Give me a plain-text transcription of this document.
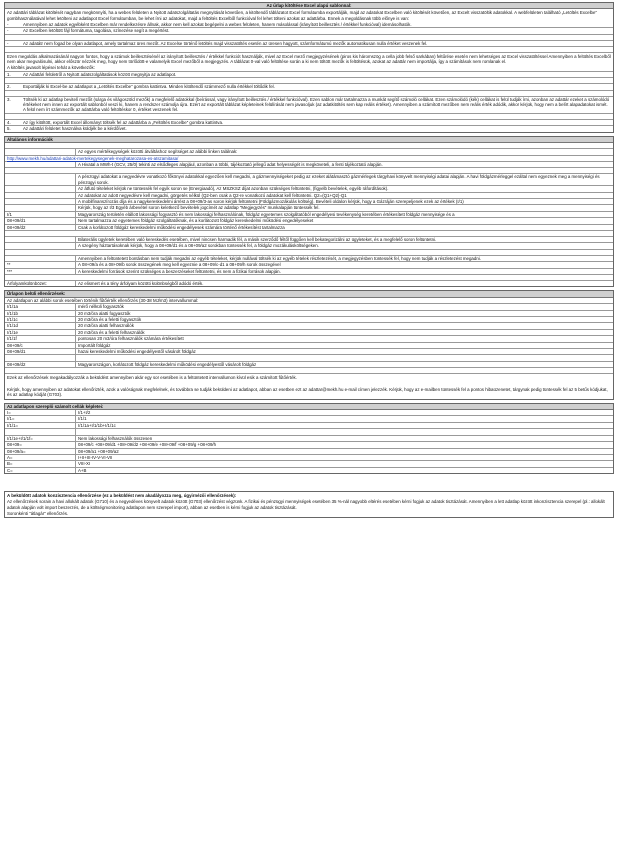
Az űrlap kitöltése Excel alapú sablonnal:
Az adattári táblázat kitöltését nagyban megkönnyíti, ha a webes felületen a Nyitott adatszolgáltatás megnyitását követően, a kitöltendő táblázatot Excel formátumba exportálják, majd az adatokat Excelben való kitöltését követően, az Excelt visszatöltik adatokkal. A webfelületen található „Letöltés Excelbe” gombhasználatával lehet letölteni az adatlapot Excel formátumban, be lehet írni az adatokat, majd a feltöltés Excelből funkcióval fel lehet tölteni azokat az adattárba. Ennek a megoldásnak több előnye is van:
-	Amennyiben az adatok egyébként Excelben már rendelkezésre állnak, akkor nem kell azokat begépelni a webes felületen, hanem másolással (irányított beillesztés / értékkel funkcióval) idemásolhatók.
-	Az Excelben letöltött fájl formátuma, tagolása, színezése segít a megértést.
-	Az adatátr nem fogad be olyan adatlapot, amely tartalmaz üres mezőt. Az Excelse történő letöltés majd visszatöltés esetén az üresen hagyott, számformátumú mezők automatikusan nulla értéket veszenek fel.
Ezen megoldás alkalmazásánál nagyon fontos, hogy a számok beillesztésénél az irányított beillesztés / értékkel funkciót használják, mivel az Excel mező megjegyzésének (piros kis háromszög a cella jobb felső sarkában) feltűrése esetén nem lehetséges az Excel visszatöltéssel Amennyiben a feltöltés Excelből nem akar megvalósulni, akkor először nézzék meg, hogy nem törlődött-e valamelyik Excel mezőből a megjegyzés. A táblázat 0-val való feltöltése során a ki nem töltött mezők is feltöltésük, azokat az adattár nem importálja, így a számítások nem romlanak el.
A kitöltés javasolt lépései tehát a következők:
1.	Az Adattári felületről a Nyitott adatszolgáltatások között megnyitja az adatlapot.
2.	Exportálják ki Excel-be az adatlapot a „Letöltés Excelbe” gombra kattintva. Minden kitöltendő számmező nulla értékkel töltődik fel.
3.	Töltsék ki az adatlap bevitelí mezőit (sárga és világoszöld mezők) a megfelelő adatokkal (beírással, vagy irányított beillesztés / értékkel funkcióval). Ezen sablon már tartalmazza a munkát segítő számoló cellákat. Ezen számolódó (kék) cellákat is felül tudják írni, azonban az adattár ezeket a számolódó értékeket nem innen az exportált sablonból veszi ki, hanem a rendszer számolja újra. Ezért az exportált táblázat képleteinek felülírását nem javasoljuk (az adatkitöltés sem kap reális értéket). Amennyiben a számított mezőben nem reális érték adódik, akkor kérjük, hogy nem a belírt alapadatokat ismét. A felül nem írt számmezők az adattárba való feltöltéskor 0, értéket veszenek fel.
4.	Az így kitöltött, exportált Excel állományt töltsék fel az adattárba a „Feltöltés Excelbe” gombra kattintva.
5.	Az adattári felületet használva küldjék be a kérdőívet.
Általános információk
Az egyes mértékegységek közötti átváltáshoz segítséget az alábbi linken találnak:
http://www.mekh.hu/adattari-adatok-mertekegysegenek-meghatarozasa-es-atszamitasa/
A Hivatal a MWh-t (GCV, 25/0) tekinti az elsődleges alapjául, azonban a többi, tájékoztató jellegű adat helyességét is megköveteli, a fenti tájékoztató alapján.
A pénzügyi adatokat a negyedévre vonatkozó főkönyvi adatokkal egyezően kell megadni, a gázmennyiségeket pedig az ezeket alátámasztó gázmérlegek tárgyhavi könyvelt mennyiségi adatai alapján. A havi földgázmérleggel ezáltal nem egyeznek meg a mennyiségi és pénzügyi sorok.
Az átfutó tételeket kérjük ne tüntessék fel egyik soron se (Energiaadó), Az MSZKSZ díjat azonban szükséges feltüntetni, (figyelb bevételek, egyéb ráfordítások).
Az adatokat az adott negyedévre kell megadni, görgetés nélkül (Q2-ben csak a Q2-re vonatkozó adatokat kell feltüntetni. Q2=(Q1+Q2)-Q1
A mobilfinanszírozás díja és a nagykereskedelmi árrést a 08+09/3-as soron kérjük feltüntetni (Földgázmozákulás költség). Bevételi oldalon kérjük, hogy a Gázráján szerepeljenek ezek az értékek (I/1)
Kérjük, hogy az I/3 Egyéb árbevétel soron keletkező bevételek jogcímét az adatlap "Megjegyzés" munkalapján tüntessék fel.
I/1	Magyarország területén elállott lakossági fogyasztó és nem lakossági felhasználónak, földgáz egyetemes szolgáltatóból engedélyesi tevékenység keretében értékesített földgáz mennyisége és a
08+09/d1	Nem tartalmazza az egyetemes földgáz szolgáltatóknak, és a korlátozott földgáz kereskedelmi működési engedélyeseket
08+09/d2	Csak a korlátozott földgáz kereskedelmi működési engedélyesek számára történő értékesítést tartalmazza
Bilaterális ügyletek keretében való kereskedés esetében, mivel nincsen harmadik fél, a másik szerződő féltől függően kell bekategorizálni az ügyleteket, és a megfelelő soron feltüntetni.
A szegény háztartásoknak kérjük, hogy a 08+09/d1 és a 08+09/a2 sorokban tüntessék fel, a földgáz mozákulásköltségeken.
Amennyiben a feltüntetett bontásban nem tudják megadni az egyéb tételeket, kérjük nullával töltsék ki az egyéb tételek részletezését, a megjegyzésben tüntessék fel, hogy nem tudják a részletezést megadni.
**	A 08+09/a és a 08+09/b sorok összegének meg kell egyeznie a 08+09/c-d1 a 08+09/h sorok összegével
***	A kereskedelmi források szerint szükséges a beszerzéseket feltüntetni, és nem a fizikai források alapján.
Árfolyamkülönbözet:	Az elismert és a tény árfolyam közötti különbségből adódó érték.
Űrlapon belüli ellenőrzések:
Az adatlapon az alábbi sorok esetében történik fűtőérték ellenőrzés (30-38 MJ/m3) intervallummal:
I/1/1a	mérő nélküli fogyasztók
I/1/1b	20 m3/óra alatti fogyasztók
I/1/1c	20 m3/óra és a feletti fogyasztók
I/1/1d	20 m3/óra alatti felhasználók
I/1/1e	20 m3/óra és a feletti felhasználók
I/1/1f	pontosan 20 m3/óra felhasználók számára értékesített
08+09/c	Importált földgáz
08+09/d1	hazai kereskedelmi működési engedélyestől vásárolt földgáz
08+09/d2	Magyarországon, korlátozott földgáz kereskedelmi működési engedélyestől vásárolt földgáz
Ezek az ellenőrzések megakadályozzák a beküldést amennyiben akár egy sor esetében is a feltüntetett intervallumon kívül esik a számított fűtőérték.
Kérjük, hogy amennyiben az adatokat ellenőrizték, azok a valóságnak megfelelnek, és továbbra se tudják beküldeni az adatlapot, abban az esetben ezt az adattar@mekh.hu e-mail címen jelezzék. Kérjük, hogy az e-mailben tüntessék fel a pontos hibaüzenetet, tárgynak pedig tüntessék fel az 5 betűs kódjukat, és az adatlap kódját (G703).
Az adatlapon szereplő számolt cellák képletei:
I=	I/1+I/2
I/1=	I/1/1
I/1/1=	I/1/1a+I/1/1b+I/1/1c
I/1/1e+I/1/1f=	Nem lakossági felhasználók összesen
08+09=	08+09/c +08+09/d1 +08+09/d2 +08+09/e +08+09/f +08+09/g +08+09/h
08+09/a=	08+09/a1 +08+09/a2
A=	I+II+III-IV-V-VI-VII
B=	VIII-XI
C=	A+B
A beküldött adatok konzisztencia ellenőrzése (ez a beküldést nem akadályozza meg, úgyirnézői ellenőrzések):
Az ellenőrzések sorain a havi allokált adatok (G710) és a negyedéves könyvelt adatok között (G703) ellenőrzést végzünk. A fizikai és pénzügyi mennyiségek esetében 35 %-nál nagyobb eltérés esetében kérni fogjuk az adatok tisztázását. Amennyiben a lett adatlap között inkonzisztencia szerepel (pl.: allokált adatok alapján volt import beszerzés, de a költségmonitoring adatlapon nem szerepel import), abban az esetben is kérni fogjuk az adatok tisztázását.
Soronkénti "átlagár" ellenőrzés.
